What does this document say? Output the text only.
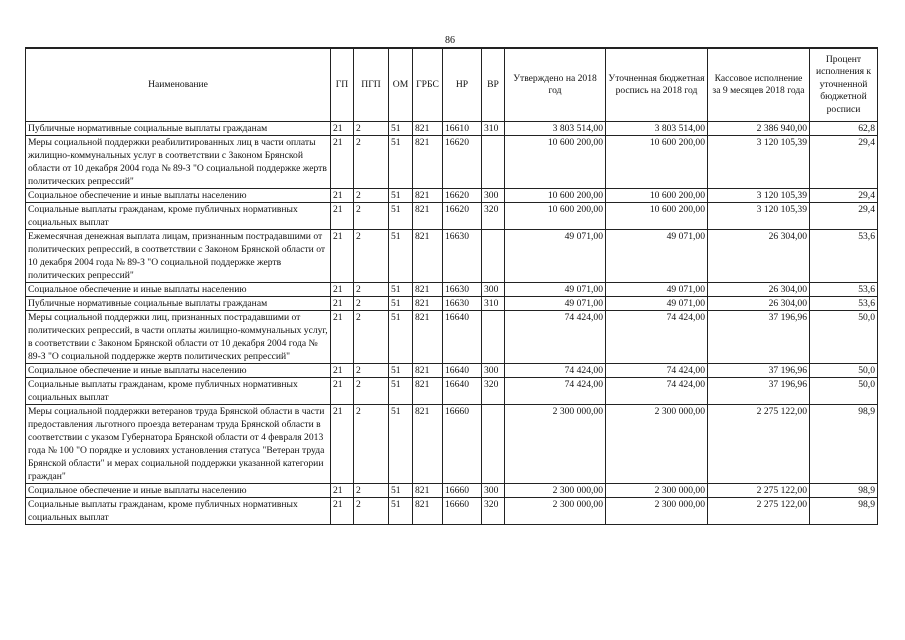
86
Наименование	ГП	ПГП	ОМ	ГРБС	НР	ВР	Утверждено на 2018 год	Уточненная бюджетная роспись на 2018 год	Кассовое исполнение за 9 месяцев 2018 года	Процент исполнения к уточненной бюджетной росписи
Публичные нормативные социальные выплаты гражданам	21	2	51	821	16610	310	3 803 514,00	3 803 514,00	2 386 940,00	62,8
Меры социальной поддержки реабилитированных лиц в части оплаты жилищно-коммунальных услуг в соответствии с Законом Брянской области от 10 декабря 2004 года № 89-З "О социальной поддержке жертв политических репрессий"	21	2	51	821	16620		10 600 200,00	10 600 200,00	3 120 105,39	29,4
Социальное обеспечение и иные выплаты населению	21	2	51	821	16620	300	10 600 200,00	10 600 200,00	3 120 105,39	29,4
Социальные выплаты гражданам, кроме публичных нормативных социальных выплат	21	2	51	821	16620	320	10 600 200,00	10 600 200,00	3 120 105,39	29,4
Ежемесячная денежная выплата лицам, признанным пострадавшими от политических репрессий, в соответствии с Законом Брянской области от 10 декабря 2004 года № 89-З "О социальной поддержке жертв политических репрессий"	21	2	51	821	16630		49 071,00	49 071,00	26 304,00	53,6
Социальное обеспечение и иные выплаты населению	21	2	51	821	16630	300	49 071,00	49 071,00	26 304,00	53,6
Публичные нормативные социальные выплаты гражданам	21	2	51	821	16630	310	49 071,00	49 071,00	26 304,00	53,6
Меры социальной поддержки лиц, признанных пострадавшими от политических репрессий, в части оплаты жилищно-коммунальных услуг, в соответствии с Законом Брянской области от 10 декабря 2004 года № 89-З "О социальной поддержке жертв политических репрессий"	21	2	51	821	16640		74 424,00	74 424,00	37 196,96	50,0
Социальное обеспечение и иные выплаты населению	21	2	51	821	16640	300	74 424,00	74 424,00	37 196,96	50,0
Социальные выплаты гражданам, кроме публичных нормативных социальных выплат	21	2	51	821	16640	320	74 424,00	74 424,00	37 196,96	50,0
Меры социальной поддержки ветеранов труда Брянской области в части предоставления льготного проезда ветеранам труда Брянской области в соответствии с указом Губернатора Брянской области от 4 февраля 2013 года № 100 "О порядке и условиях установления статуса "Ветеран труда Брянской области" и мерах социальной поддержки указанной категории граждан"	21	2	51	821	16660		2 300 000,00	2 300 000,00	2 275 122,00	98,9
Социальное обеспечение и иные выплаты населению	21	2	51	821	16660	300	2 300 000,00	2 300 000,00	2 275 122,00	98,9
Социальные выплаты гражданам, кроме публичных нормативных социальных выплат	21	2	51	821	16660	320	2 300 000,00	2 300 000,00	2 275 122,00	98,9
